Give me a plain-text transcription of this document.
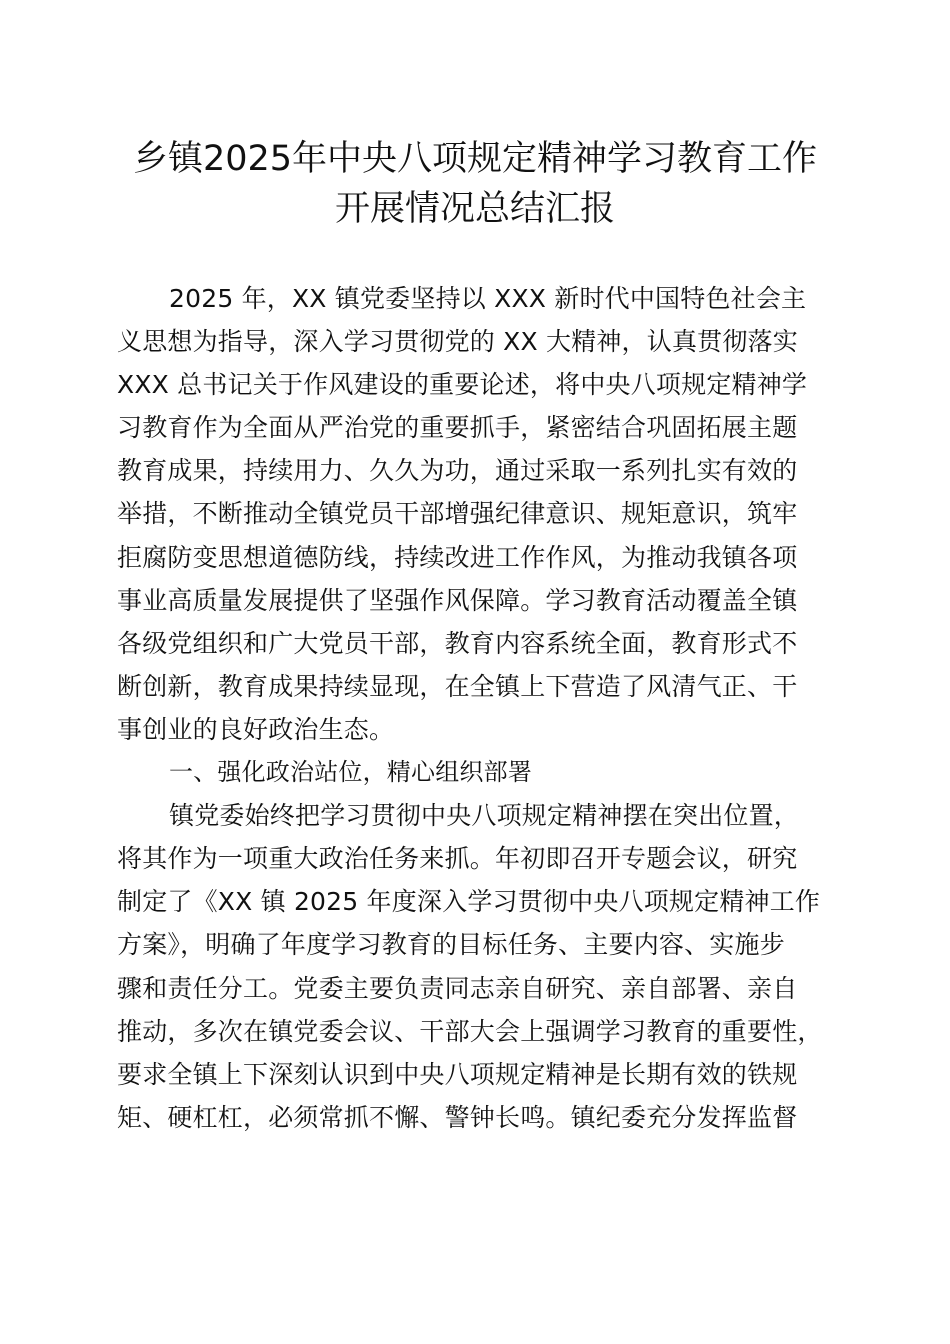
乡镇2025年中央八项规定精神学习教育工作
开展情况总结汇报
2025 年，XX 镇党委坚持以 XXX 新时代中国特色社会主
义思想为指导，深入学习贯彻党的 XX 大精神，认真贯彻落实
XXX 总书记关于作风建设的重要论述，将中央八项规定精神学
习教育作为全面从严治党的重要抓手，紧密结合巩固拓展主题
教育成果，持续用力、久久为功，通过采取一系列扎实有效的
举措，不断推动全镇党员干部增强纪律意识、规矩意识，筑牢
拒腐防变思想道德防线，持续改进工作作风，为推动我镇各项
事业高质量发展提供了坚强作风保障。学习教育活动覆盖全镇
各级党组织和广大党员干部，教育内容系统全面，教育形式不
断创新，教育成果持续显现，在全镇上下营造了风清气正、干
事创业的良好政治生态。
一、强化政治站位，精心组织部署
镇党委始终把学习贯彻中央八项规定精神摆在突出位置，
将其作为一项重大政治任务来抓。年初即召开专题会议，研究
制定了《XX 镇 2025 年度深入学习贯彻中央八项规定精神工作
方案》，明确了年度学习教育的目标任务、主要内容、实施步
骤和责任分工。党委主要负责同志亲自研究、亲自部署、亲自
推动，多次在镇党委会议、干部大会上强调学习教育的重要性，
要求全镇上下深刻认识到中央八项规定精神是长期有效的铁规
矩、硬杠杠，必须常抓不懈、警钟长鸣。镇纪委充分发挥监督
